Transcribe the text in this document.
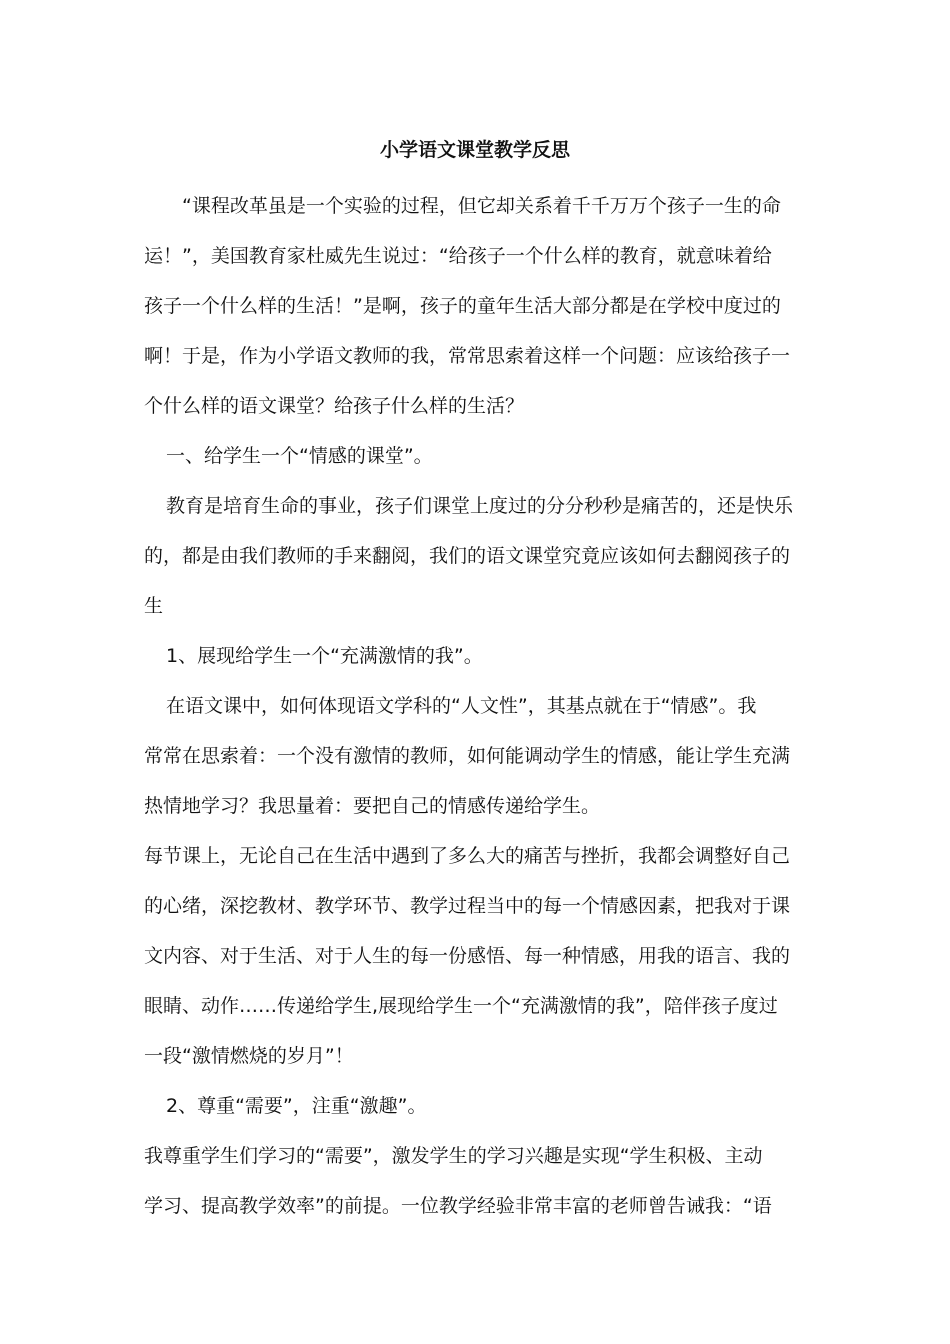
小学语文课堂教学反思

“课程改革虽是一个实验的过程，但它却关系着千千万万个孩子一生的命

运！”，美国教育家杜威先生说过：“给孩子一个什么样的教育，就意味着给

孩子一个什么样的生活！”是啊，孩子的童年生活大部分都是在学校中度过的

啊！于是，作为小学语文教师的我，常常思索着这样一个问题：应该给孩子一

个什么样的语文课堂？给孩子什么样的生活？

一、给学生一个“情感的课堂”。

教育是培育生命的事业，孩子们课堂上度过的分分秒秒是痛苦的，还是快乐

的，都是由我们教师的手来翻阅，我们的语文课堂究竟应该如何去翻阅孩子的

生

1、展现给学生一个“充满激情的我”。

在语文课中，如何体现语文学科的“人文性”，其基点就在于“情感”。我

常常在思索着：一个没有激情的教师，如何能调动学生的情感，能让学生充满

热情地学习？我思量着：要把自己的情感传递给学生。

每节课上，无论自己在生活中遇到了多么大的痛苦与挫折，我都会调整好自己

的心绪，深挖教材、教学环节、教学过程当中的每一个情感因素，把我对于课

文内容、对于生活、对于人生的每一份感悟、每一种情感，用我的语言、我的

眼睛、动作……传递给学生,展现给学生一个“充满激情的我”，陪伴孩子度过

一段“激情燃烧的岁月”！

2、尊重“需要”，注重“激趣”。

我尊重学生们学习的“需要”，激发学生的学习兴趣是实现“学生积极、主动

学习、提高教学效率”的前提。一位教学经验非常丰富的老师曾告诫我：“语
